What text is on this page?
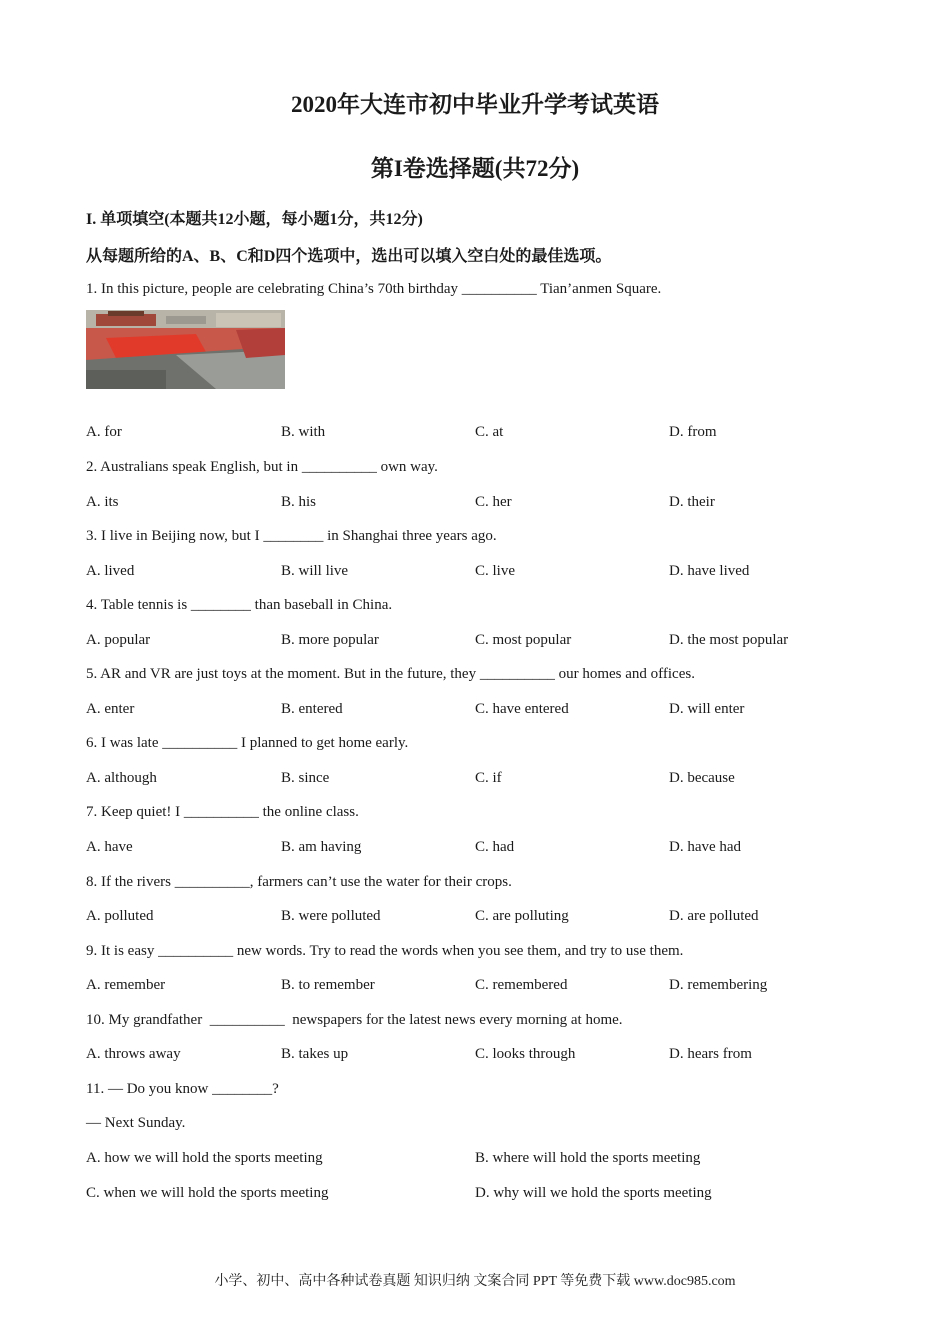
2020年大连市初中毕业升学考试英语
第I卷选择题(共72分)
I. 单项填空(本题共12小题，每小题1分，共12分)
从每题所给的A、B、C和D四个选项中，选出可以填入空白处的最佳选项。
1. In this picture, people are celebrating China’s 70th birthday __________ Tian’anmen Square.
A. for	B. with	C. at	D. from
2. Australians speak English, but in __________ own way.
A. its	B. his	C. her	D. their
3. I live in Beijing now, but I ________ in Shanghai three years ago.
A. lived	B. will live	C. live	D. have lived
4. Table tennis is ________ than baseball in China.
A. popular	B. more popular	C. most popular	D. the most popular
5. AR and VR are just toys at the moment. But in the future, they __________ our homes and offices.
A. enter	B. entered	C. have entered	D. will enter
6. I was late __________ I planned to get home early.
A. although	B. since	C. if	D. because
7. Keep quiet! I __________ the online class.
A. have	B. am having	C. had	D. have had
8. If the rivers __________, farmers can’t use the water for their crops.
A. polluted	B. were polluted	C. are polluting	D. are polluted
9. It is easy __________ new words. Try to read the words when you see them, and try to use them.
A. remember	B. to remember	C. remembered	D. remembering
10. My grandfather  __________  newspapers for the latest news every morning at home.
A. throws away	B. takes up	C. looks through	D. hears from
11. — Do you know ________?
— Next Sunday.
A. how we will hold the sports meeting	B. where will hold the sports meeting
C. when we will hold the sports meeting	D. why will we hold the sports meeting
小学、初中、高中各种试卷真题 知识归纳 文案合同 PPT 等免费下载 www.doc985.com
